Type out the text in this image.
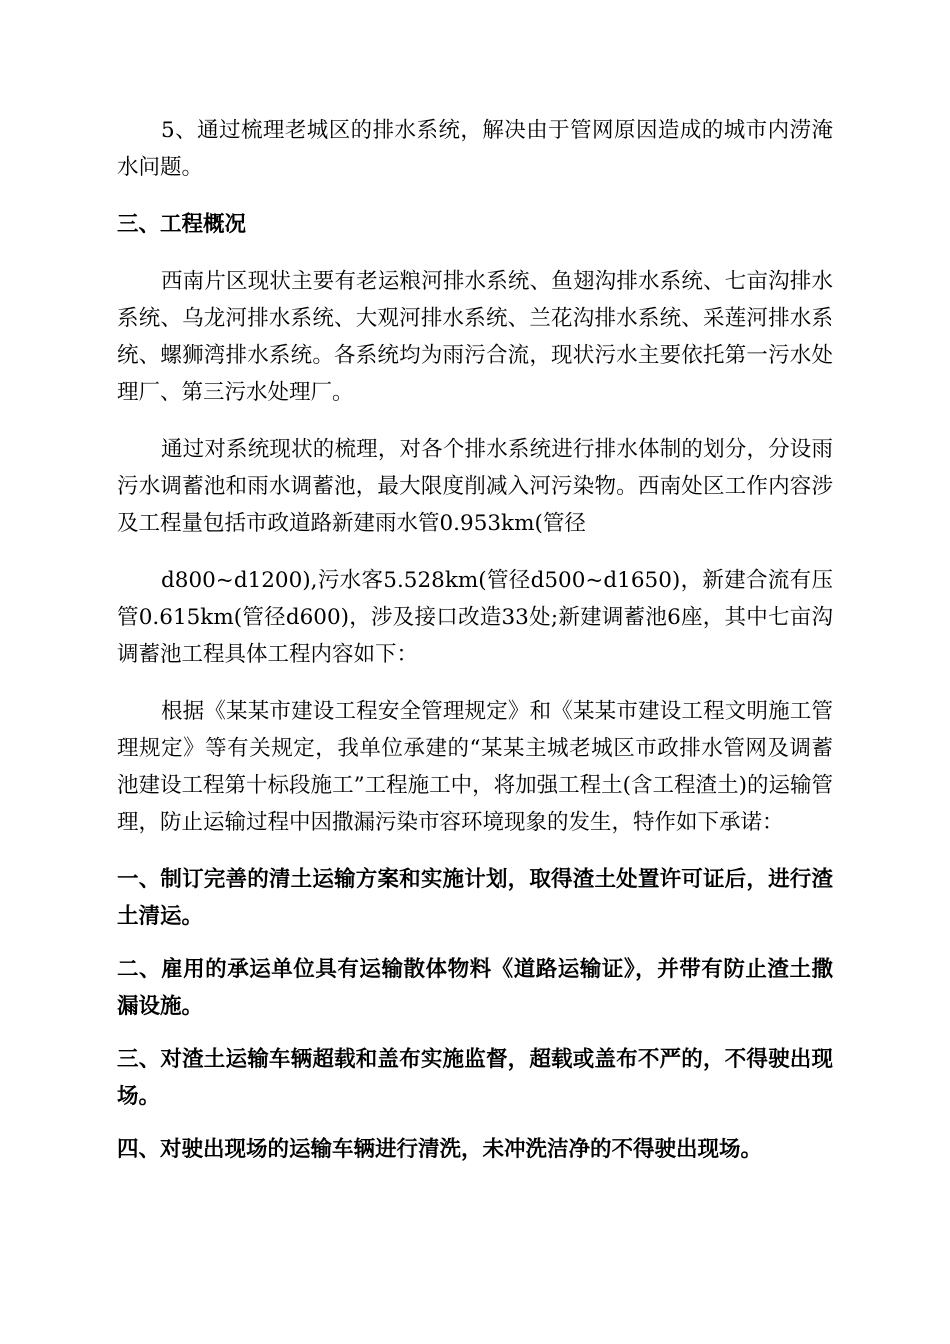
5、通过梳理老城区的排水系统，解决由于管网原因造成的城市内涝淹水问题。

三、工程概况

西南片区现状主要有老运粮河排水系统、鱼翅沟排水系统、七亩沟排水系统、乌龙河排水系统、大观河排水系统、兰花沟排水系统、采莲河排水系统、螺狮湾排水系统。各系统均为雨污合流，现状污水主要依托第一污水处理厂、第三污水处理厂。

通过对系统现状的梳理，对各个排水系统进行排水体制的划分，分设雨污水调蓄池和雨水调蓄池，最大限度削减入河污染物。西南处区工作内容涉及工程量包括市政道路新建雨水管0.953km(管径

d800~d1200),污水客5.528km(管径d500~d1650)，新建合流有压管0.615km(管径d600)，涉及接口改造33处;新建调蓄池6座，其中七亩沟调蓄池工程具体工程内容如下：

根据《某某市建设工程安全管理规定》和《某某市建设工程文明施工管理规定》等有关规定，我单位承建的“某某主城老城区市政排水管网及调蓄池建设工程第十标段施工”工程施工中，将加强工程土(含工程渣土)的运输管理，防止运输过程中因撒漏污染市容环境现象的发生，特作如下承诺：

一、制订完善的清土运输方案和实施计划，取得渣土处置许可证后，进行渣土清运。

二、雇用的承运单位具有运输散体物料《道路运输证》，并带有防止渣土撒漏设施。

三、对渣土运输车辆超载和盖布实施监督，超载或盖布不严的，不得驶出现场。

四、对驶出现场的运输车辆进行清洗，未冲洗洁净的不得驶出现场。
